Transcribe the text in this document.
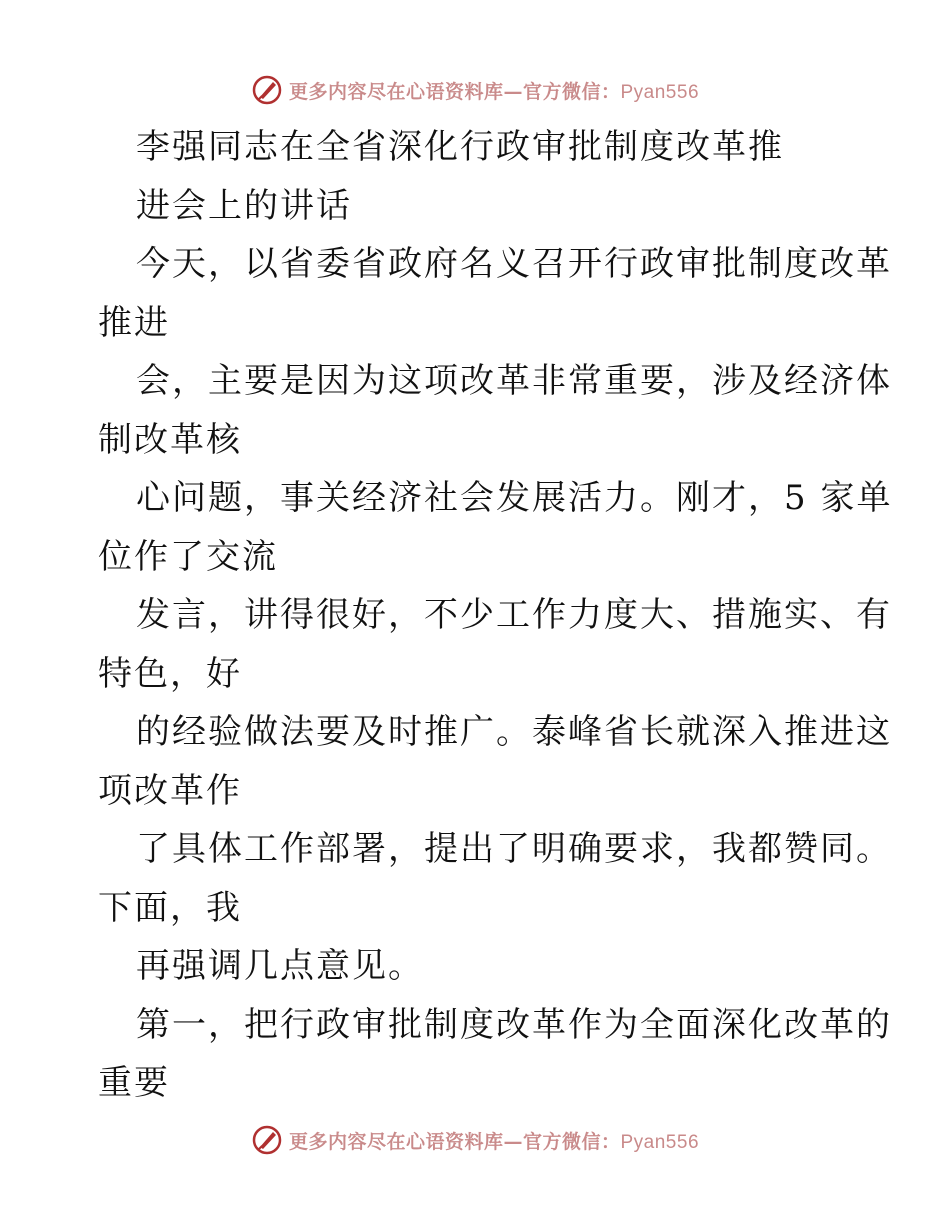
更多内容尽在心语资料库—官方微信：Pyan556
李强同志在全省深化行政审批制度改革推
进会上的讲话
今天，以省委省政府名义召开行政审批制度改革
推进
会，主要是因为这项改革非常重要，涉及经济体
制改革核
心问题，事关经济社会发展活力。刚才，5 家单
位作了交流
发言，讲得很好，不少工作力度大、措施实、有
特色，好
的经验做法要及时推广。泰峰省长就深入推进这
项改革作
了具体工作部署，提出了明确要求，我都赞同。
下面，我
再强调几点意见。
第一，把行政审批制度改革作为全面深化改革的
重要
更多内容尽在心语资料库—官方微信：Pyan556
